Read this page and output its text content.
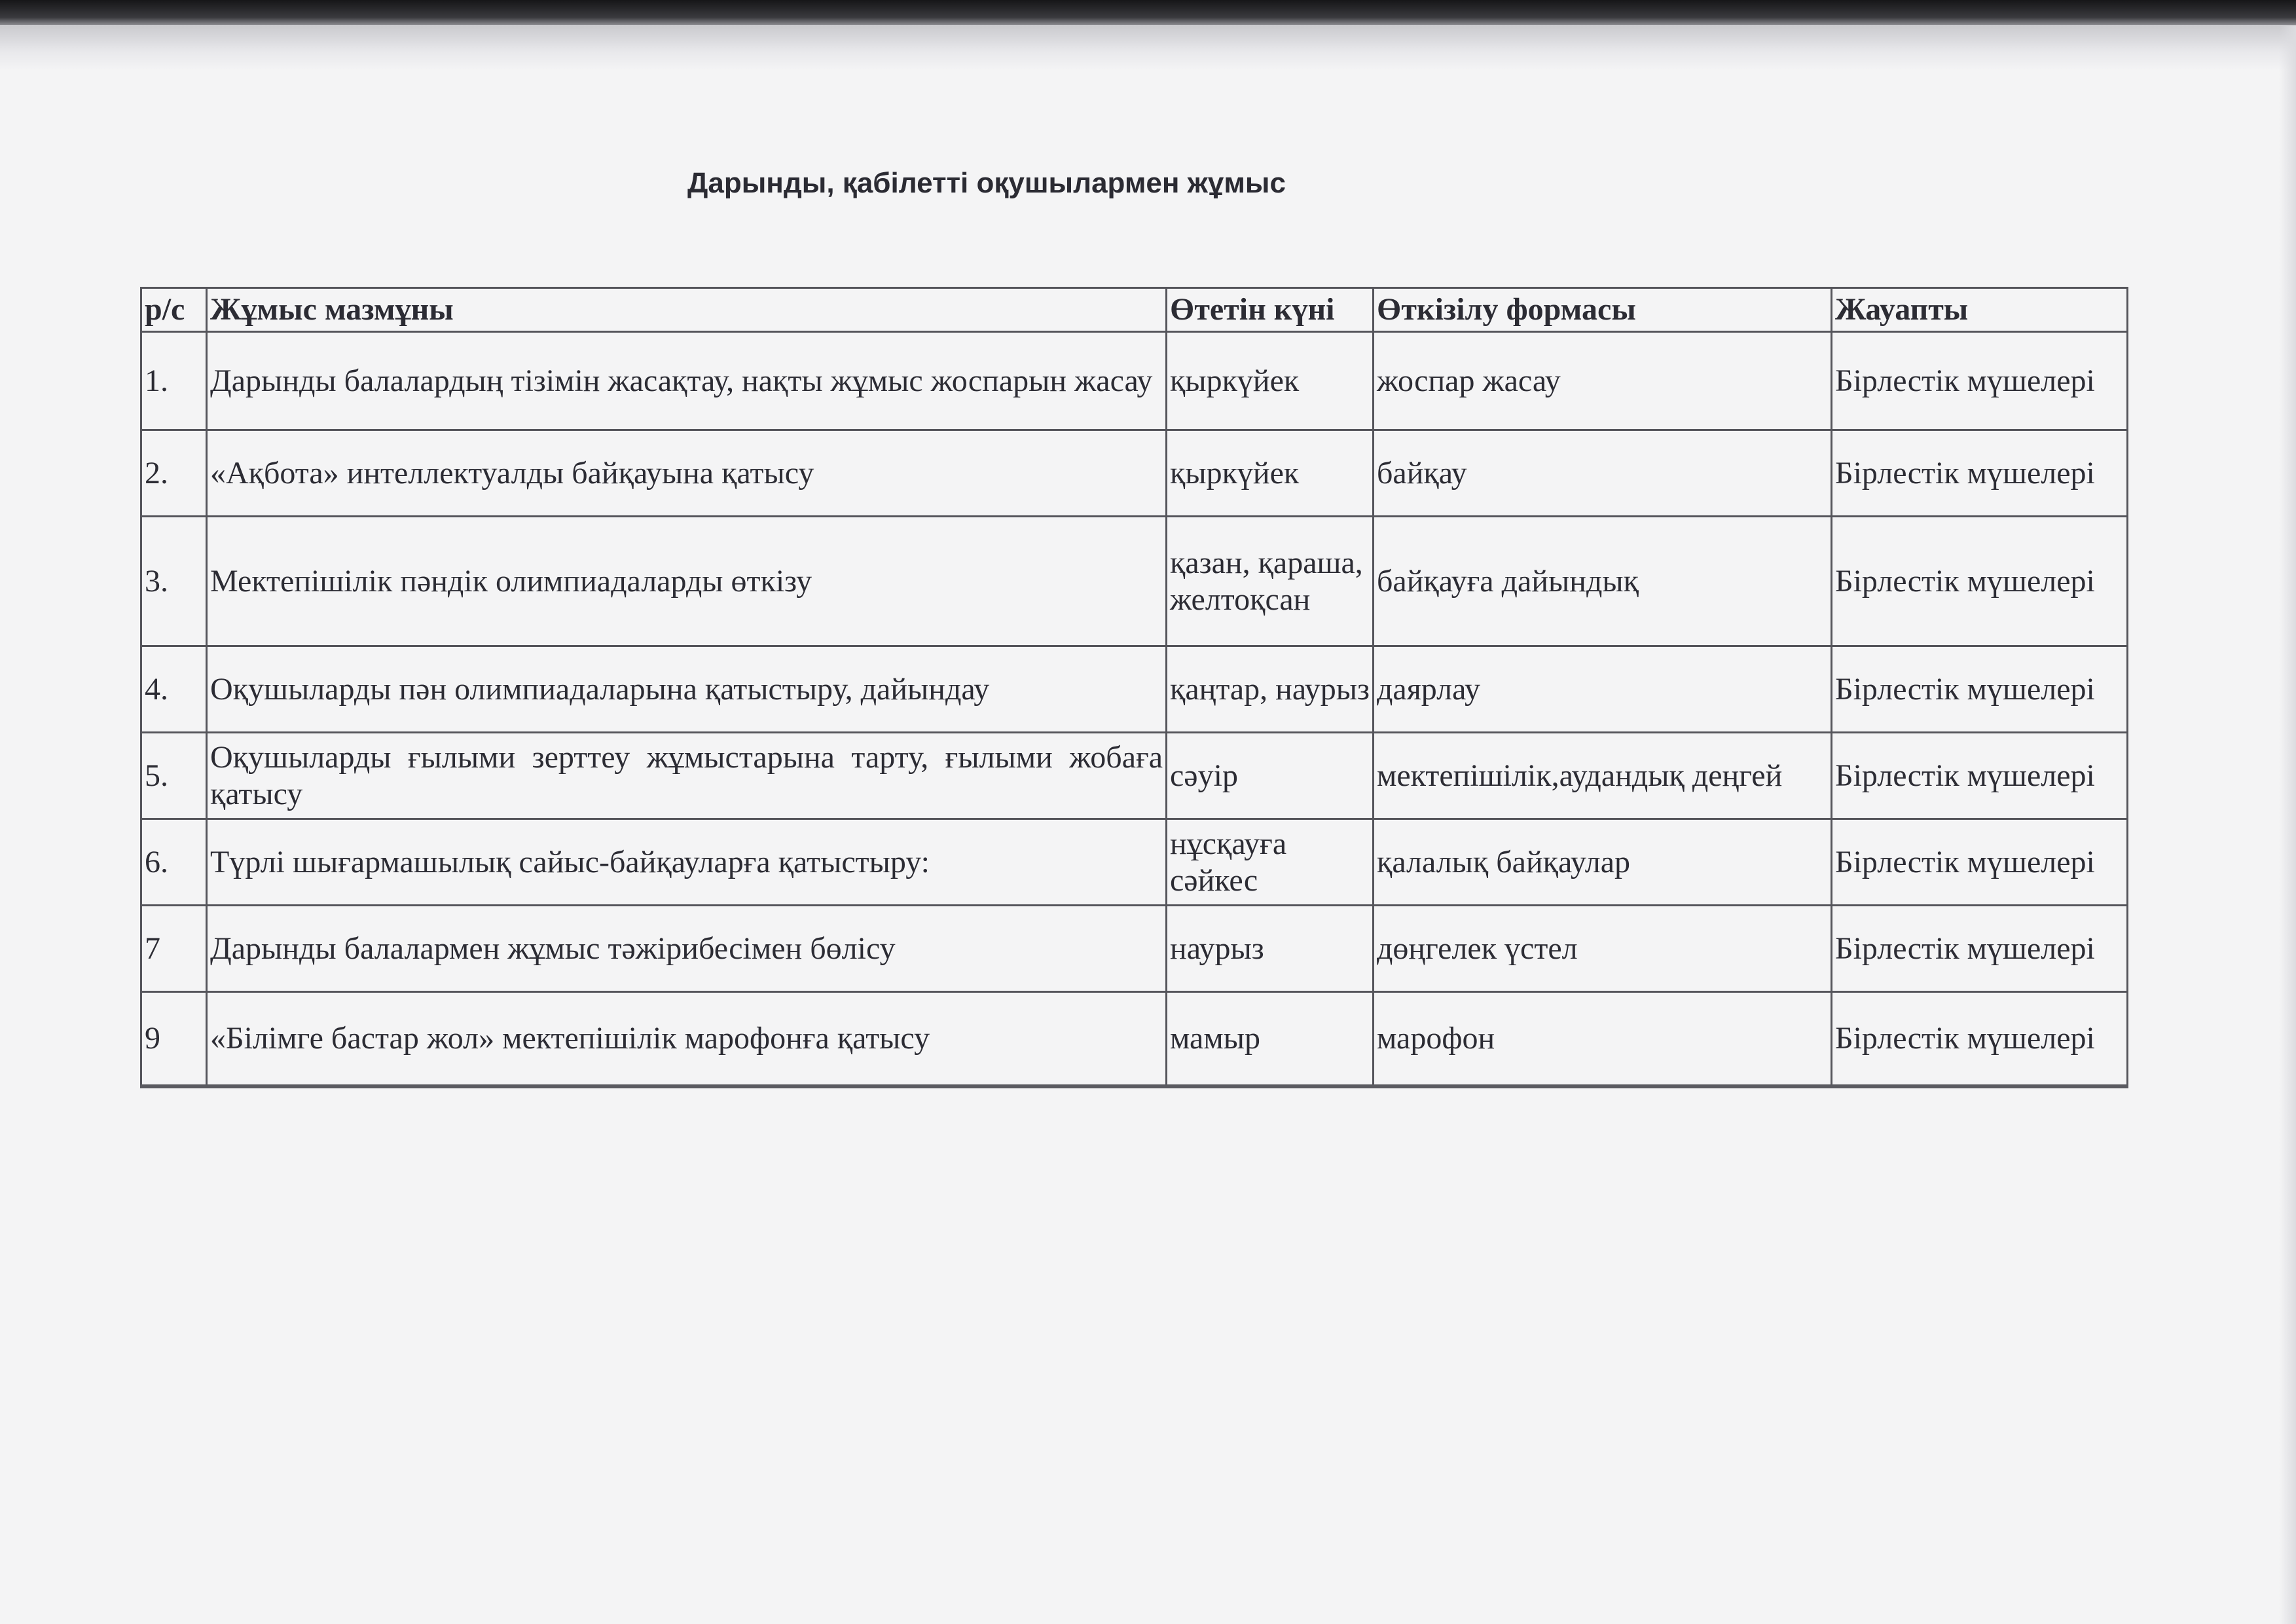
Дарынды, қабілетті оқушылармен жұмыс
р/с	Жұмыс мазмұны	Өтетін күні	Өткізілу формасы	Жауапты
1.	Дарынды балалардың тізімін жасақтау, нақты жұмыс жоспарын жасау	қыркүйек	жоспар жасау	Бірлестік мүшелері
2.	«Ақбота» интеллектуалды байқауына қатысу	қыркүйек	байқау	Бірлестік мүшелері
3.	Мектепішілік пәндік олимпиадаларды өткізу	қазан, қараша, желтоқсан	байқауға дайындық	Бірлестік мүшелері
4.	Оқушыларды пән олимпиадаларына қатыстыру, дайындау	қаңтар, наурыз	даярлау	Бірлестік мүшелері
5.	Оқушыларды ғылыми зерттеу жұмыстарына тарту, ғылыми жобаға қатысу	сәуір	мектепішілік,аудандық деңгей	Бірлестік мүшелері
6.	Түрлі шығармашылық сайыс-байқауларға қатыстыру:	нұсқауға сәйкес	қалалық байқаулар	Бірлестік мүшелері
7	Дарынды балалармен жұмыс тәжірибесімен бөлісу	наурыз	дөңгелек үстел	Бірлестік мүшелері
9	«Білімге бастар жол» мектепішілік марофонға қатысу	мамыр	марофон	Бірлестік мүшелері
